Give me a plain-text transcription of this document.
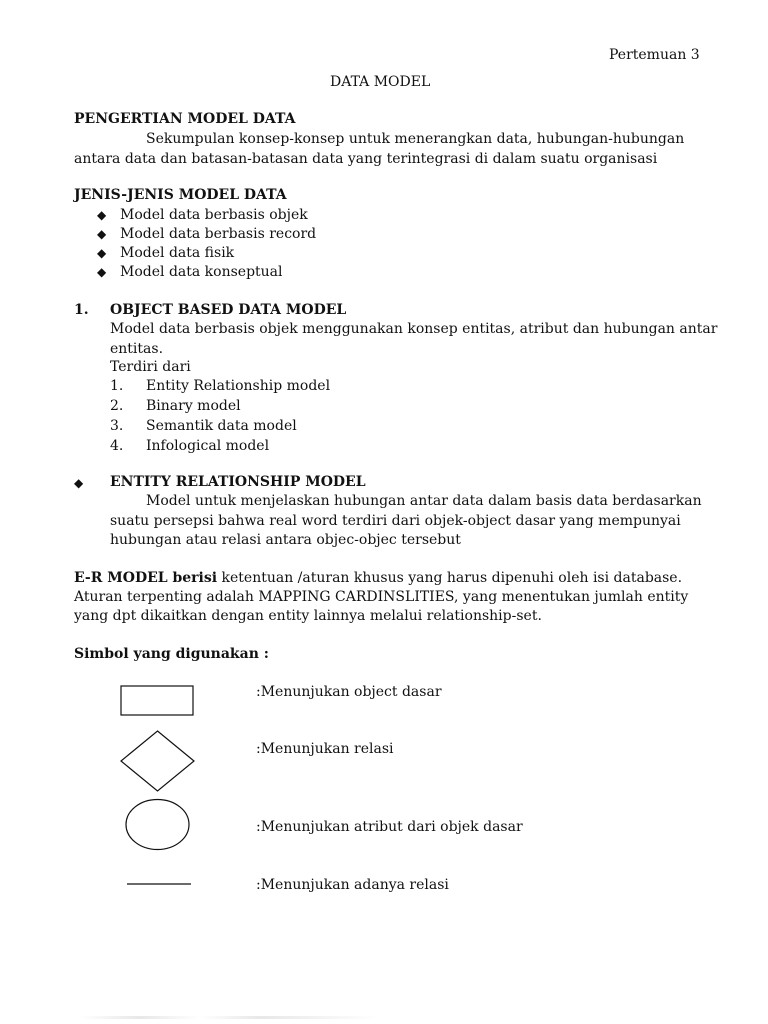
Pertemuan 3
DATA MODEL
PENGERTIAN MODEL DATA
Sekumpulan konsep-konsep untuk menerangkan data, hubungan-hubungan
antara data dan batasan-batasan data yang terintegrasi di dalam suatu organisasi
JENIS-JENIS MODEL DATA
◆ Model data berbasis objek
◆ Model data berbasis record
◆ Model data fisik
◆ Model data konseptual
1. OBJECT BASED DATA MODEL
Model data berbasis objek menggunakan konsep entitas, atribut dan hubungan antar
entitas.
Terdiri dari
1. Entity Relationship model
2. Binary model
3. Semantik data model
4. Infological model
◆ ENTITY RELATIONSHIP MODEL
Model untuk menjelaskan hubungan antar data dalam basis data berdasarkan
suatu persepsi bahwa real word terdiri dari objek-object dasar yang mempunyai
hubungan atau relasi antara objec-objec tersebut
E-R MODEL berisi ketentuan /aturan khusus yang harus dipenuhi oleh isi database.
Aturan terpenting adalah MAPPING CARDINSLITIES, yang menentukan jumlah entity
yang dpt dikaitkan dengan entity lainnya melalui relationship-set.
Simbol yang digunakan :
:Menunjukan object dasar
:Menunjukan relasi
:Menunjukan atribut dari objek dasar
:Menunjukan adanya relasi
